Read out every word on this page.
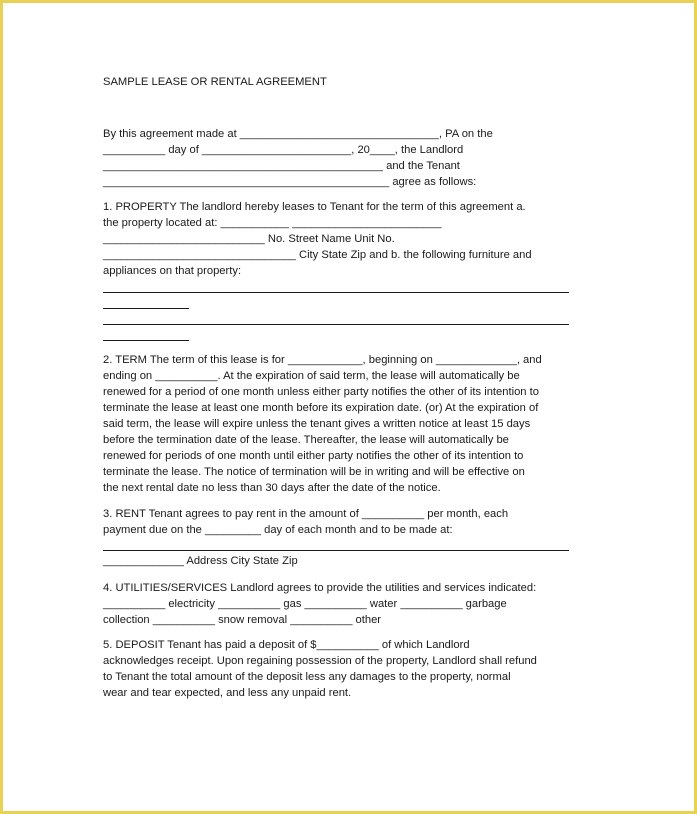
SAMPLE LEASE OR RENTAL AGREEMENT

By this agreement made at ________________________________, PA on the

__________ day of ________________________, 20____, the Landlord

_____________________________________________ and the Tenant

______________________________________________ agree as follows:

1. PROPERTY The landlord hereby leases to Tenant for the term of this agreement a.

the property located at: ___________ ________________________

__________________________ No. Street Name Unit No.

_______________________________ City State Zip and b. the following furniture and

appliances on that property:

2. TERM The term of this lease is for ____________, beginning on _____________, and

ending on __________. At the expiration of said term, the lease will automatically be

renewed for a period of one month unless either party notifies the other of its intention to

terminate the lease at least one month before its expiration date. (or) At the expiration of

said term, the lease will expire unless the tenant gives a written notice at least 15 days

before the termination date of the lease. Thereafter, the lease will automatically be

renewed for periods of one month until either party notifies the other of its intention to

terminate the lease. The notice of termination will be in writing and will be effective on

the next rental date no less than 30 days after the date of the notice.

3. RENT Tenant agrees to pay rent in the amount of __________ per month, each

payment due on the _________ day of each month and to be made at:

_____________ Address City State Zip

4. UTILITIES/SERVICES Landlord agrees to provide the utilities and services indicated:

__________ electricity __________ gas __________ water __________ garbage

collection __________ snow removal __________ other

5. DEPOSIT Tenant has paid a deposit of $__________ of which Landlord

acknowledges receipt. Upon regaining possession of the property, Landlord shall refund

to Tenant the total amount of the deposit less any damages to the property, normal

wear and tear expected, and less any unpaid rent.
